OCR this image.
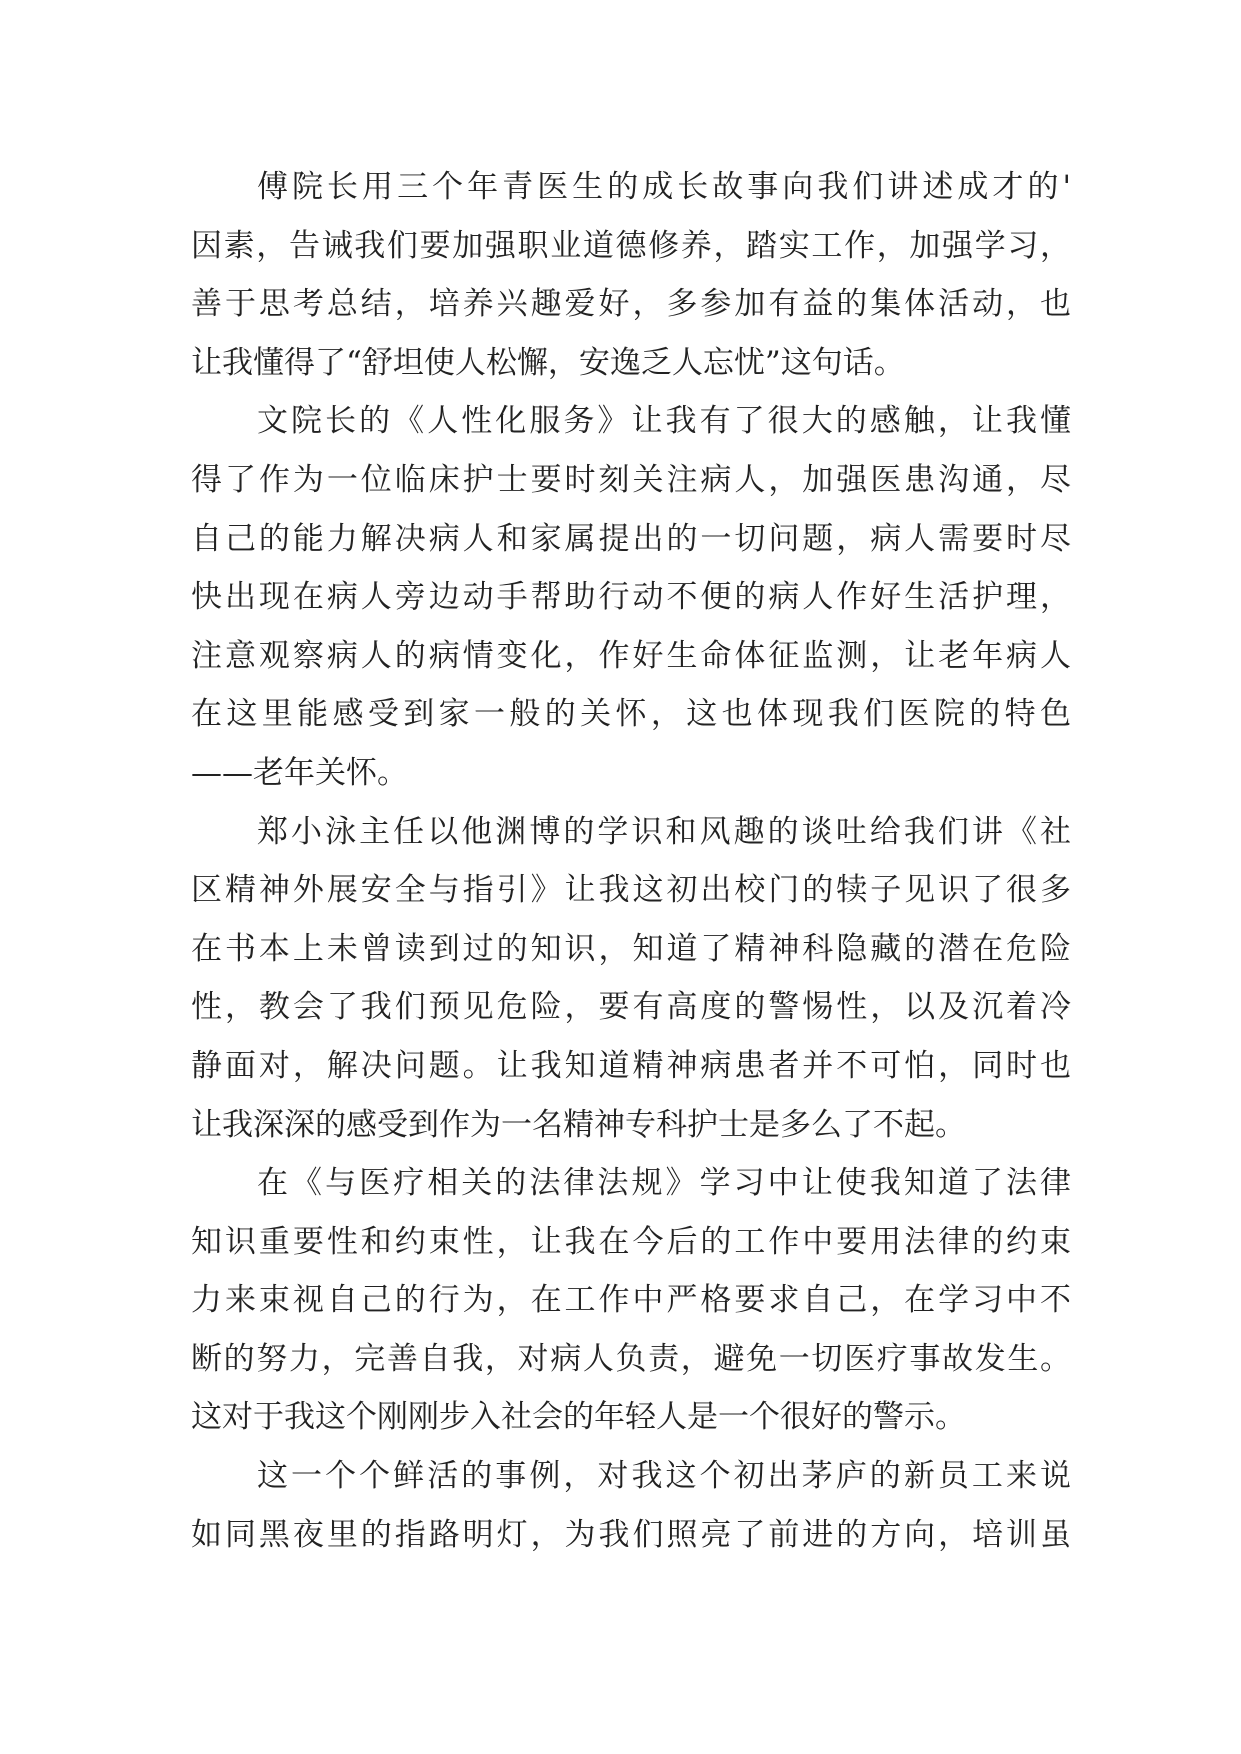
傅院长用三个年青医生的成长故事向我们讲述成才的'
因素，告诫我们要加强职业道德修养，踏实工作，加强学习，
善于思考总结，培养兴趣爱好，多参加有益的集体活动，也
让我懂得了“舒坦使人松懈，安逸乏人忘忧”这句话。
文院长的《人性化服务》让我有了很大的感触，让我懂
得了作为一位临床护士要时刻关注病人，加强医患沟通，尽
自己的能力解决病人和家属提出的一切问题，病人需要时尽
快出现在病人旁边动手帮助行动不便的病人作好生活护理，
注意观察病人的病情变化，作好生命体征监测，让老年病人
在这里能感受到家一般的关怀，这也体现我们医院的特色
——老年关怀。
郑小泳主任以他渊博的学识和风趣的谈吐给我们讲《社
区精神外展安全与指引》让我这初出校门的犊子见识了很多
在书本上未曾读到过的知识，知道了精神科隐藏的潜在危险
性，教会了我们预见危险，要有高度的警惕性，以及沉着冷
静面对，解决问题。让我知道精神病患者并不可怕，同时也
让我深深的感受到作为一名精神专科护士是多么了不起。
在《与医疗相关的法律法规》学习中让使我知道了法律
知识重要性和约束性，让我在今后的工作中要用法律的约束
力来束视自己的行为，在工作中严格要求自己，在学习中不
断的努力，完善自我，对病人负责，避免一切医疗事故发生。
这对于我这个刚刚步入社会的年轻人是一个很好的警示。
这一个个鲜活的事例，对我这个初出茅庐的新员工来说
如同黑夜里的指路明灯，为我们照亮了前进的方向，培训虽
